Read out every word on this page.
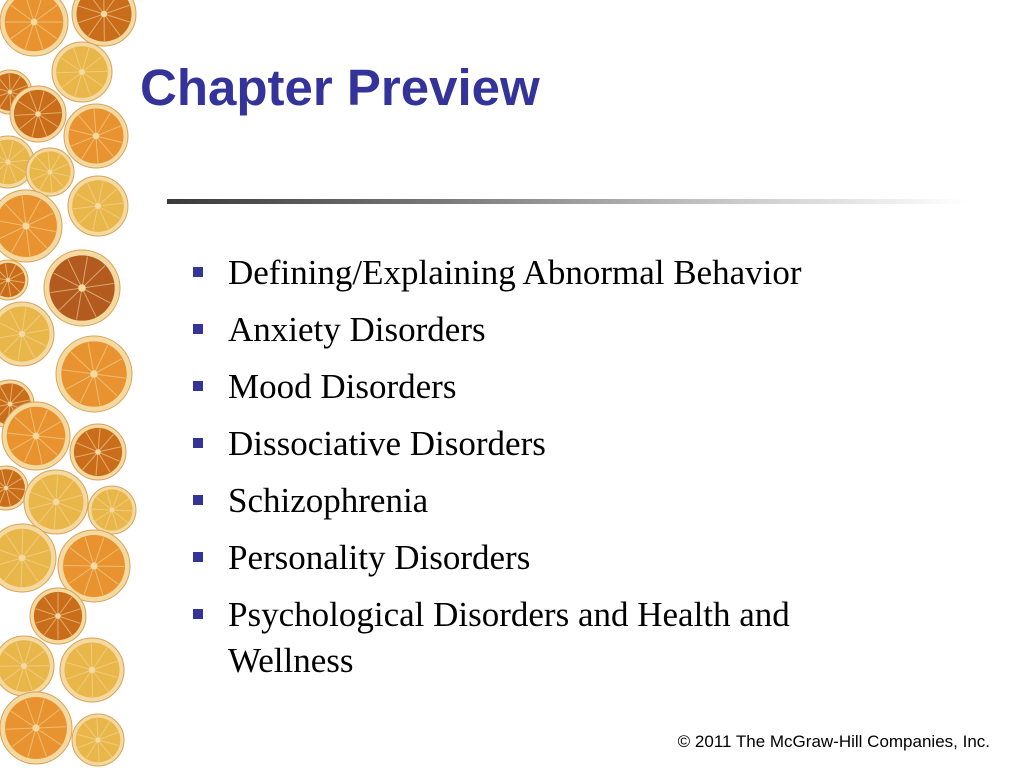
Chapter Preview
Defining/Explaining Abnormal Behavior
Anxiety Disorders
Mood Disorders
Dissociative Disorders
Schizophrenia
Personality Disorders
Psychological Disorders and Health and Wellness
© 2011 The McGraw-Hill Companies, Inc.
